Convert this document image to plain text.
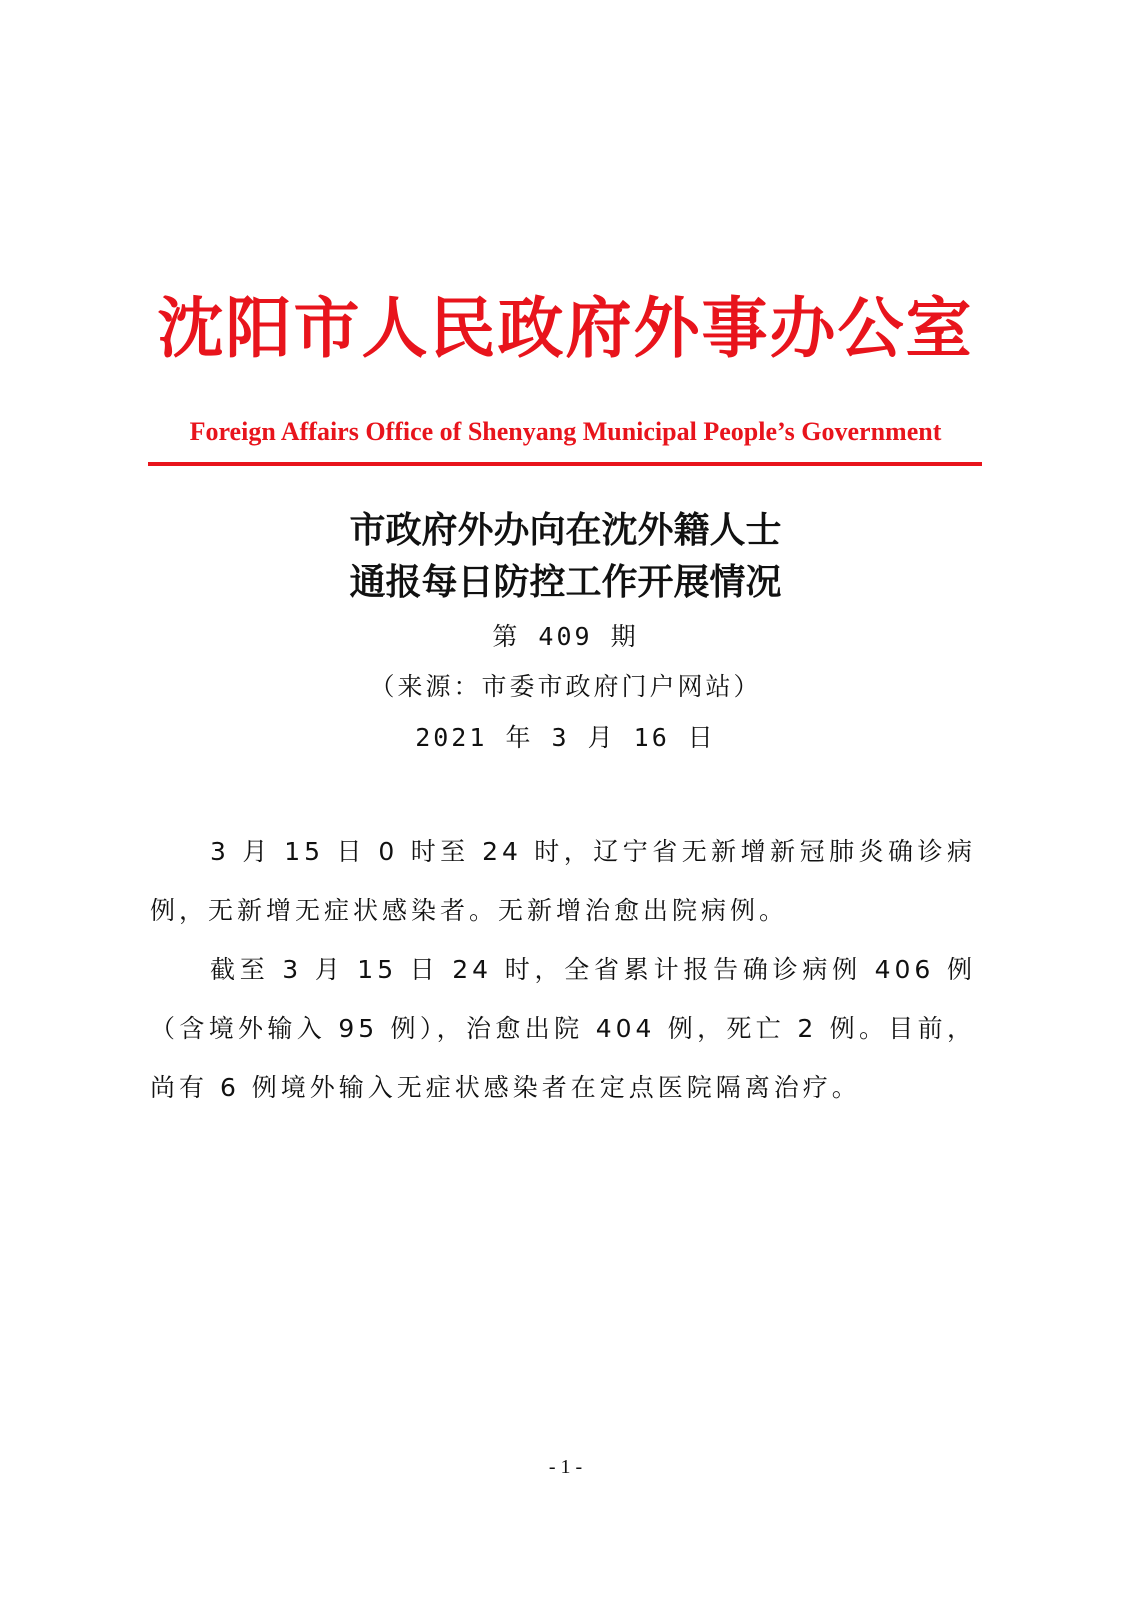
沈阳市人民政府外事办公室
Foreign Affairs Office of Shenyang Municipal People’s Government
市政府外办向在沈外籍人士
通报每日防控工作开展情况
第 409 期
（来源：市委市政府门户网站）
2021 年 3 月 16 日

3 月 15 日 0 时至 24 时，辽宁省无新增新冠肺炎确诊病例，无新增无症状感染者。无新增治愈出院病例。

截至 3 月 15 日 24 时，全省累计报告确诊病例 406 例（含境外输入 95 例），治愈出院 404 例，死亡 2 例。目前，尚有 6 例境外输入无症状感染者在定点医院隔离治疗。

- 1 -
